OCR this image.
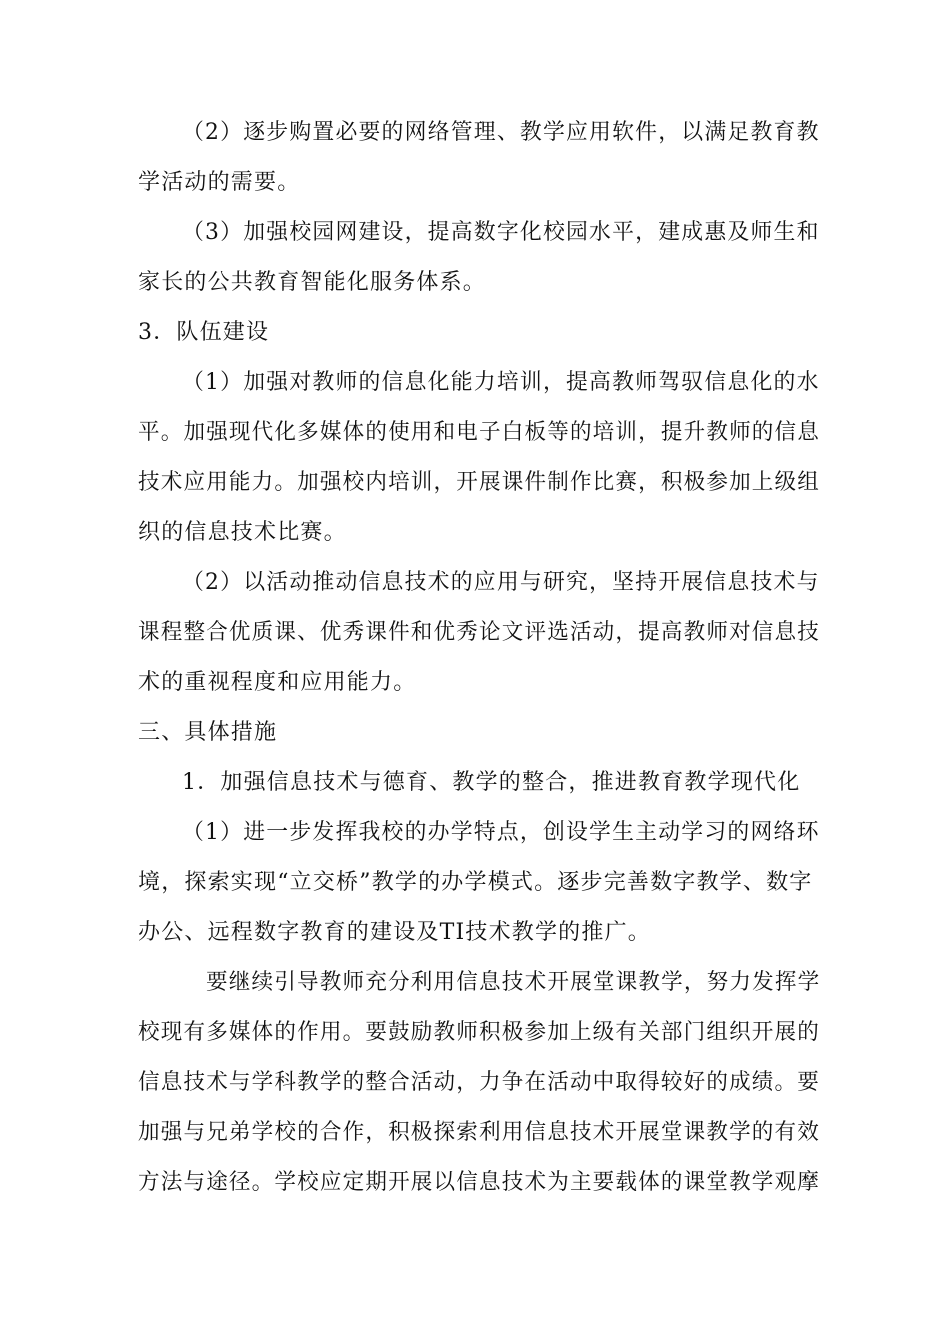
（2）逐步购置必要的网络管理、教学应用软件，以满足教育教
学活动的需要。
（3）加强校园网建设，提高数字化校园水平，建成惠及师生和
家长的公共教育智能化服务体系。
3．队伍建设
（1）加强对教师的信息化能力培训，提高教师驾驭信息化的水
平。加强现代化多媒体的使用和电子白板等的培训，提升教师的信息
技术应用能力。加强校内培训，开展课件制作比赛，积极参加上级组
织的信息技术比赛。
（2）以活动推动信息技术的应用与研究，坚持开展信息技术与
课程整合优质课、优秀课件和优秀论文评选活动，提高教师对信息技
术的重视程度和应用能力。
三、具体措施
1．加强信息技术与德育、教学的整合，推进教育教学现代化
（1）进一步发挥我校的办学特点，创设学生主动学习的网络环
境，探索实现“立交桥”教学的办学模式。逐步完善数字教学、数字
办公、远程数字教育的建设及TI技术教学的推广。
要继续引导教师充分利用信息技术开展堂课教学，努力发挥学
校现有多媒体的作用。要鼓励教师积极参加上级有关部门组织开展的
信息技术与学科教学的整合活动，力争在活动中取得较好的成绩。要
加强与兄弟学校的合作，积极探索利用信息技术开展堂课教学的有效
方法与途径。学校应定期开展以信息技术为主要载体的课堂教学观摩
